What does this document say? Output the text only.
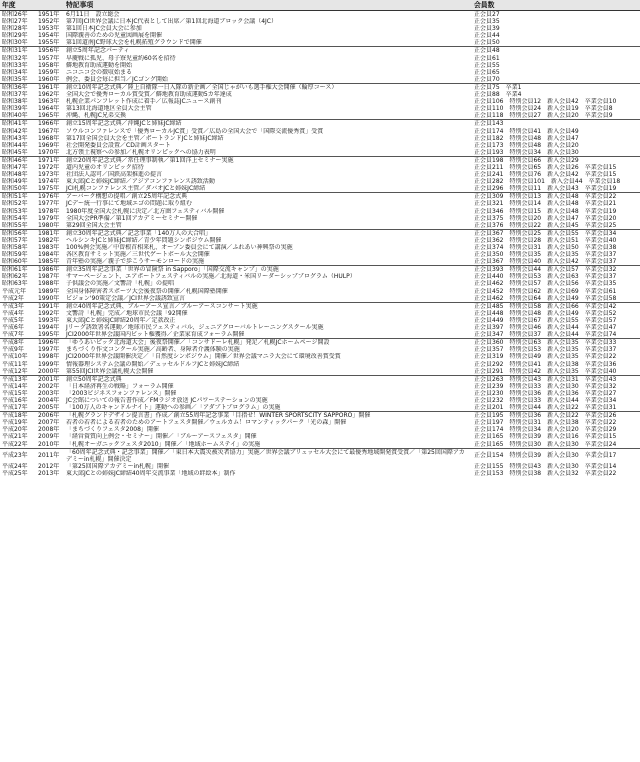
年度		特記事項	会員数
昭和26年	1951年	6月11日　設立総会	正会員27
昭和27年	1952年	第7回JCI世界会議に日本JC代表として出席／第1回北海道ブロック会議（4JC）	正会員35
昭和28年	1953年	第1回日本JC会員大会に参加	正会員39
昭和29年	1954年	国際親善のための児童図画展を開催	正会員44
昭和30年	1955年	第1回道南JC野球大会を札幌拓殖グラウンドで開催	正会員50
昭和31年	1956年	創立5周年記念パーティ	正会員48
昭和32年	1957年	早慶戦に孤児、母子寮児童約60名を招待	正会員61
昭和33年	1958年	僻地教育助成運動を開始	正会員55
昭和34年	1959年	ニコニコ会の徴収始まる	正会員65
昭和35年	1960年	例会、委員会毎に担当／JCゴング開始	正会員70
昭和36年	1961年	創立10周年記念式典／陸上自衛隊一日入隊の新企画／全国じゃがいも選手権大会開催（輪厚コース）	正会員75　卒業1
昭和37年	1962年	全国大会で優秀ローカル賞受賞／僻地教育助成運動5カ年達成	正会員88　卒業4
昭和38年	1963年	札幌企業パンフレット作成に着手／広報誌JCニュース創刊	正会員106　特別会員12　新入会員42　卒業会員10
昭和39年	1964年	第13回北海道地区全員大会主管	正会員110　特別会員24　新入会員19　卒業会員8
昭和40年	1965年	沖縄、札幌JC兄弟交換	正会員118　特別会員27　新入会員20　卒業会員9
昭和41年	1966年	創立15周年記念式典／沖縄JCと姉妹JC締結	正会員143
昭和42年	1967年	ソウルコンファレンスで「優秀ローカルJC賞」受賞／広島の全国大会で「国際交流優秀賞」受賞	正会員174　特別会員41　新入会員49
昭和43年	1968年	第17回全国会員大会を主管／ポートランドJCと姉妹JC締結	正会員182　特別会員48　新入会員47
昭和44年	1969年	社会開発委員会設置／CD計画スタート	正会員173　特別会員48　新入会員20
昭和45年	1970年	北方領土視察への参加／札幌オリンピックへの協力表明	正会員193　特別会員34　新入会員30
昭和46年	1971年	創立20周年記念式典／常任理事制執／第1回洋上セミナー実施	正会員198　特別会員66　新入会員29
昭和47年	1972年	道内児童のオリンピック招待	正会員211　特別会員65　新入会員26　卒業会員15
昭和48年	1973年	社団法人認可／国鉄高架推進の提言	正会員241　特別会員76　新入会員42　卒業会員15
昭和49年	1974年	東大邱JCと姉妹JC締結／アジアコンファレンス誘致活動	正会員282　特別会員101　新入会員44　卒業会員18
昭和50年	1975年	JCI札幌コンファレンス主管／ダバオJCと姉妹JC締結	正会員296　特別会員11　新入会員43　卒業会員19
昭和51年	1976年	アーバーク構想の提唱／創立25周年記念式典	正会員309　特別会員13　新入会員48　卒業会員22
昭和52年	1977年	JCデー統一行事にて地域エゴの問題に取り組む	正会員321　特別会員14　新入会員48　卒業会員21
昭和53年	1978年	1980年度全国大会札幌に決定／北方圏フェスティバル開催	正会員346　特別会員15　新入会員48　卒業会員19
昭和54年	1979年	全国大会PR準備／第1回アカデミーセミナー開催	正会員375　特別会員20　新入会員47　卒業会員20
昭和55年	1980年	第29回全国大会主管	正会員376　特別会員22　新入会員45　卒業会員25
昭和56年	1981年	創立30周年記念式典／記念事業「140万人の大合唱」	正会員367　特別会員25　新入会員55　卒業会員34
昭和57年	1982年	ヘルシンキJCと姉妹JC締結／青少年問題シンポジウム開催	正会員362　特別会員28　新入会員51　卒業会員40
昭和58年	1983年	100%例会実施／中曽根首相来札、オープン委員会にて講演／ふれあい神興祭の実施	正会員374　特別会員31　新入会員50　卒業会員38
昭和59年	1984年	各区教育サミット実施／三世代ゲートボール大会開催	正会員350　特別会員35　新入会員35　卒業会員37
昭和60年	1985年	青年塾の実施／親子で歩こうサーモンロードの実施	正会員367　特別会員40　新入会員42　卒業会員37
昭和61年	1986年	創立35周年記念事業「世界の冒険祭 in Sapporo」「国際交流キャンプ」の実施	正会員393　特別会員44　新入会員57　卒業会員32
昭和62年	1987年	サマーページェント、エアポートフェスティバルの実施／北海道・米国リーダーシッププログラム（HULP）	正会員440　特別会員53　新入会員63　卒業会員37
昭和63年	1988年	子供議会の実施／文響詩「札幌」の提唱	正会員462　特別会員57　新入会員56　卒業会員35
平成元年	1989年	全国身体障害者スポーツ大会後夜祭の開催／札幌国際塾開催	正会員452　特別会員62　新入会員69　卒業会員61
平成2年	1990年	ビジョン'90策定会議／JCI世界会議誘致宣言	正会員462　特別会員64　新入会員49　卒業会員58
平成3年	1991年	創立40周年記念式典、ブルーアース宣言／ブルーアースコンサート実施	正会員485　特別会員58　新入会員66　卒業会員42
平成4年	1992年	文響詩「札幌」完成／地球市民会議「92開催	正会員448　特別会員48　新入会員49　卒業会員52
平成5年	1993年	東大邱JCと姉妹JC締結20周年／定款改正	正会員449　特別会員67　新入会員55　卒業会員57
平成6年	1994年	Jリーグ誘致署名運動／地球市民フェスティバル、ジュニアグローバルトレーニングスクール実施	正会員397　特別会員46　新入会員44　卒業会員47
平成7年	1995年	JCI2000年世界会議国内ビット権獲得／企業家育成フォーラム開催	正会員347　特別会員37　新入会員44　卒業会員74
平成8年	1996年	「ゆうあいピック北海道大会」後夜祭開催／「コンサドーレ札幌」発足／札幌JCホームページ開設	正会員360　特別会員63　新入会員35　卒業会員33
平成9年	1997年	まちづくり作文コンクール実施／高齢者、身障者介護体験の実施	正会員357　特別会員53　新入会員35　卒業会員37
平成10年	1998年	JCI2000年世界会議開催決定／「自然度シンポジウム」開催／世界会議マニラ大会にて環境改善賞受賞	正会員319　特別会員49　新入会員35　卒業会員22
平成11年	1999年	情報器理システム会議の開始／デュッセルドルフJCと姉妹JC締結	正会員292　特別会員41　新入会員38　卒業会員36
平成12年	2000年	第55回JCI世界会議札幌大会開催	正会員291　特別会員42　新入会員35　卒業会員40
平成13年	2001年	創立50周年記念式典	正会員263　特別会員43　新入会員31　卒業会員43
平成14年	2002年	「日本経済再生の戦略」フォーラム開催	正会員239　特別会員33　新入会員30　卒業会員32
平成15年	2003年	「2003ビジネスフォンファレンス」開催	正会員230　特別会員36　新入会員36　卒業会員27
平成16年	2004年	JC会館についての報告書作成／FMラジオ放送 JCパワーステーションの実施	正会員232　特別会員33　新入会員44　卒業会員34
平成17年	2005年	「100万人のキャンドルナイト」運動への参画／「アダプトプログラム」の実施	正会員201　特別会員44　新入会員22　卒業会員31
平成18年	2006年	「札幌グランドデザイン提言書」作成／創立55周年記念事業「目指せ！WINTER SPORTSCITY SAPPORO」開催	正会員195　特別会員36　新入会員22　卒業会員26
平成19年	2007年	若者の若者による若者のためのアートフェスタ開催／ウェルカム！ロマンティックパーク「光の森」開催	正会員197　特別会員31　新入会員38　卒業会員22
平成20年	2008年	「まちづくりフェスタ2008」開催	正会員174　特別会員34　新入会員20　卒業会員29
平成21年	2009年	「経営資質向上例会・セミナー」開催／「ブルーアースフェスタ」開催	正会員165　特別会員39　新入会員16　卒業会員15
平成22年	2010年	「札幌オーガニックフェスタ2010」開催／「地域ホームステイ」の実施	正会員165　特別会員30　新入会員30　卒業会員24
平成23年	2011年	「60周年記念式典・記念事業」開催／「東日本大震災被災者協力」実施／世界会議ブリュッセル大会にて最優秀地域開発賞受賞／「第25回国際アカデミーin札幌」開催決定	正会員154　特別会員39　新入会員30　卒業会員17
平成24年	2012年	「第25回国際アカデミーin札幌」開催	正会員155　特別会員43　新入会員30　卒業会員14
平成25年	2013年	東大邱JCとの姉妹JC締結40周年交流事業「地域の絆絵本」制作	正会員153　特別会員38　新入会員32　卒業会員22
